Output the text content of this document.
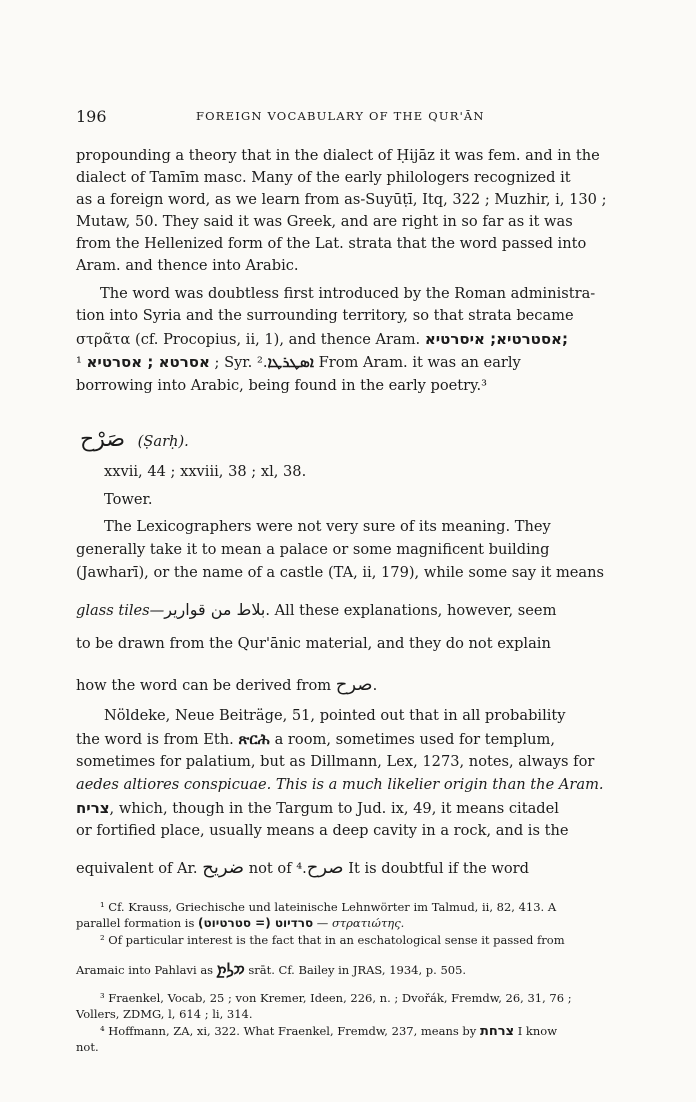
196	FOREIGN VOCABULARY OF THE QUR'ĀN
propounding a theory that in the dialect of Ḥijāz it was fem. and in the
dialect of Tamīm masc. Many of the early philologers recognized it
as a foreign word, as we learn from as-Suyūṭī, Itq, 322 ; Muzhir, i, 130 ;
Mutaw, 50. They said it was Greek, and are right in so far as it was
from the Hellenized form of the Lat. strata that the word passed into
Aram. and thence into Arabic.
The word was doubtless first introduced by the Roman administra-
tion into Syria and the surrounding territory, so that strata became
στρᾶτα (cf. Procopius, ii, 1), and thence Aram. אסטרטיא; איסרטיא;
אסרטא ; אסרטיא ¹ ; Syr. ܐܣܛܪܛܐ.² From Aram. it was an early
borrowing into Arabic, being found in the early poetry.³
صَرْح (Ṣarḥ).
xxvii, 44 ; xxviii, 38 ; xl, 38.
Tower.
The Lexicographers were not very sure of its meaning. They
generally take it to mean a palace or some magnificent building
(Jawharī), or the name of a castle (TA, ii, 179), while some say it means
glass tiles—بلاط من قوارير. All these explanations, however, seem
to be drawn from the Qur'ānic material, and they do not explain
how the word can be derived from صرح.
Nöldeke, Neue Beiträge, 51, pointed out that in all probability
the word is from Eth. ጽርሕ a room, sometimes used for templum,
sometimes for palatium, but as Dillmann, Lex, 1273, notes, always for
aedes altiores conspicuae. This is a much likelier origin than the Aram.
צריח, which, though in the Targum to Jud. ix, 49, it means citadel
or fortified place, usually means a deep cavity in a rock, and is the
equivalent of Ar. ضريح not of صرح.⁴ It is doubtful if the word
¹ Cf. Krauss, Griechische und lateinische Lehnwörter im Talmud, ii, 82, 413. A
parallel formation is סרדיוט (= סטרטיוט) — στρατιώτης.
² Of particular interest is the fact that in an eschatological sense it passed from
Aramaic into Pahlavi as 𐭮𐭫𐭲 srāt. Cf. Bailey in JRAS, 1934, p. 505.
³ Fraenkel, Vocab, 25 ; von Kremer, Ideen, 226, n. ; Dvořák, Fremdw, 26, 31, 76 ;
Vollers, ZDMG, l, 614 ; li, 314.
⁴ Hoffmann, ZA, xi, 322. What Fraenkel, Fremdw, 237, means by צרחת I know
not.
